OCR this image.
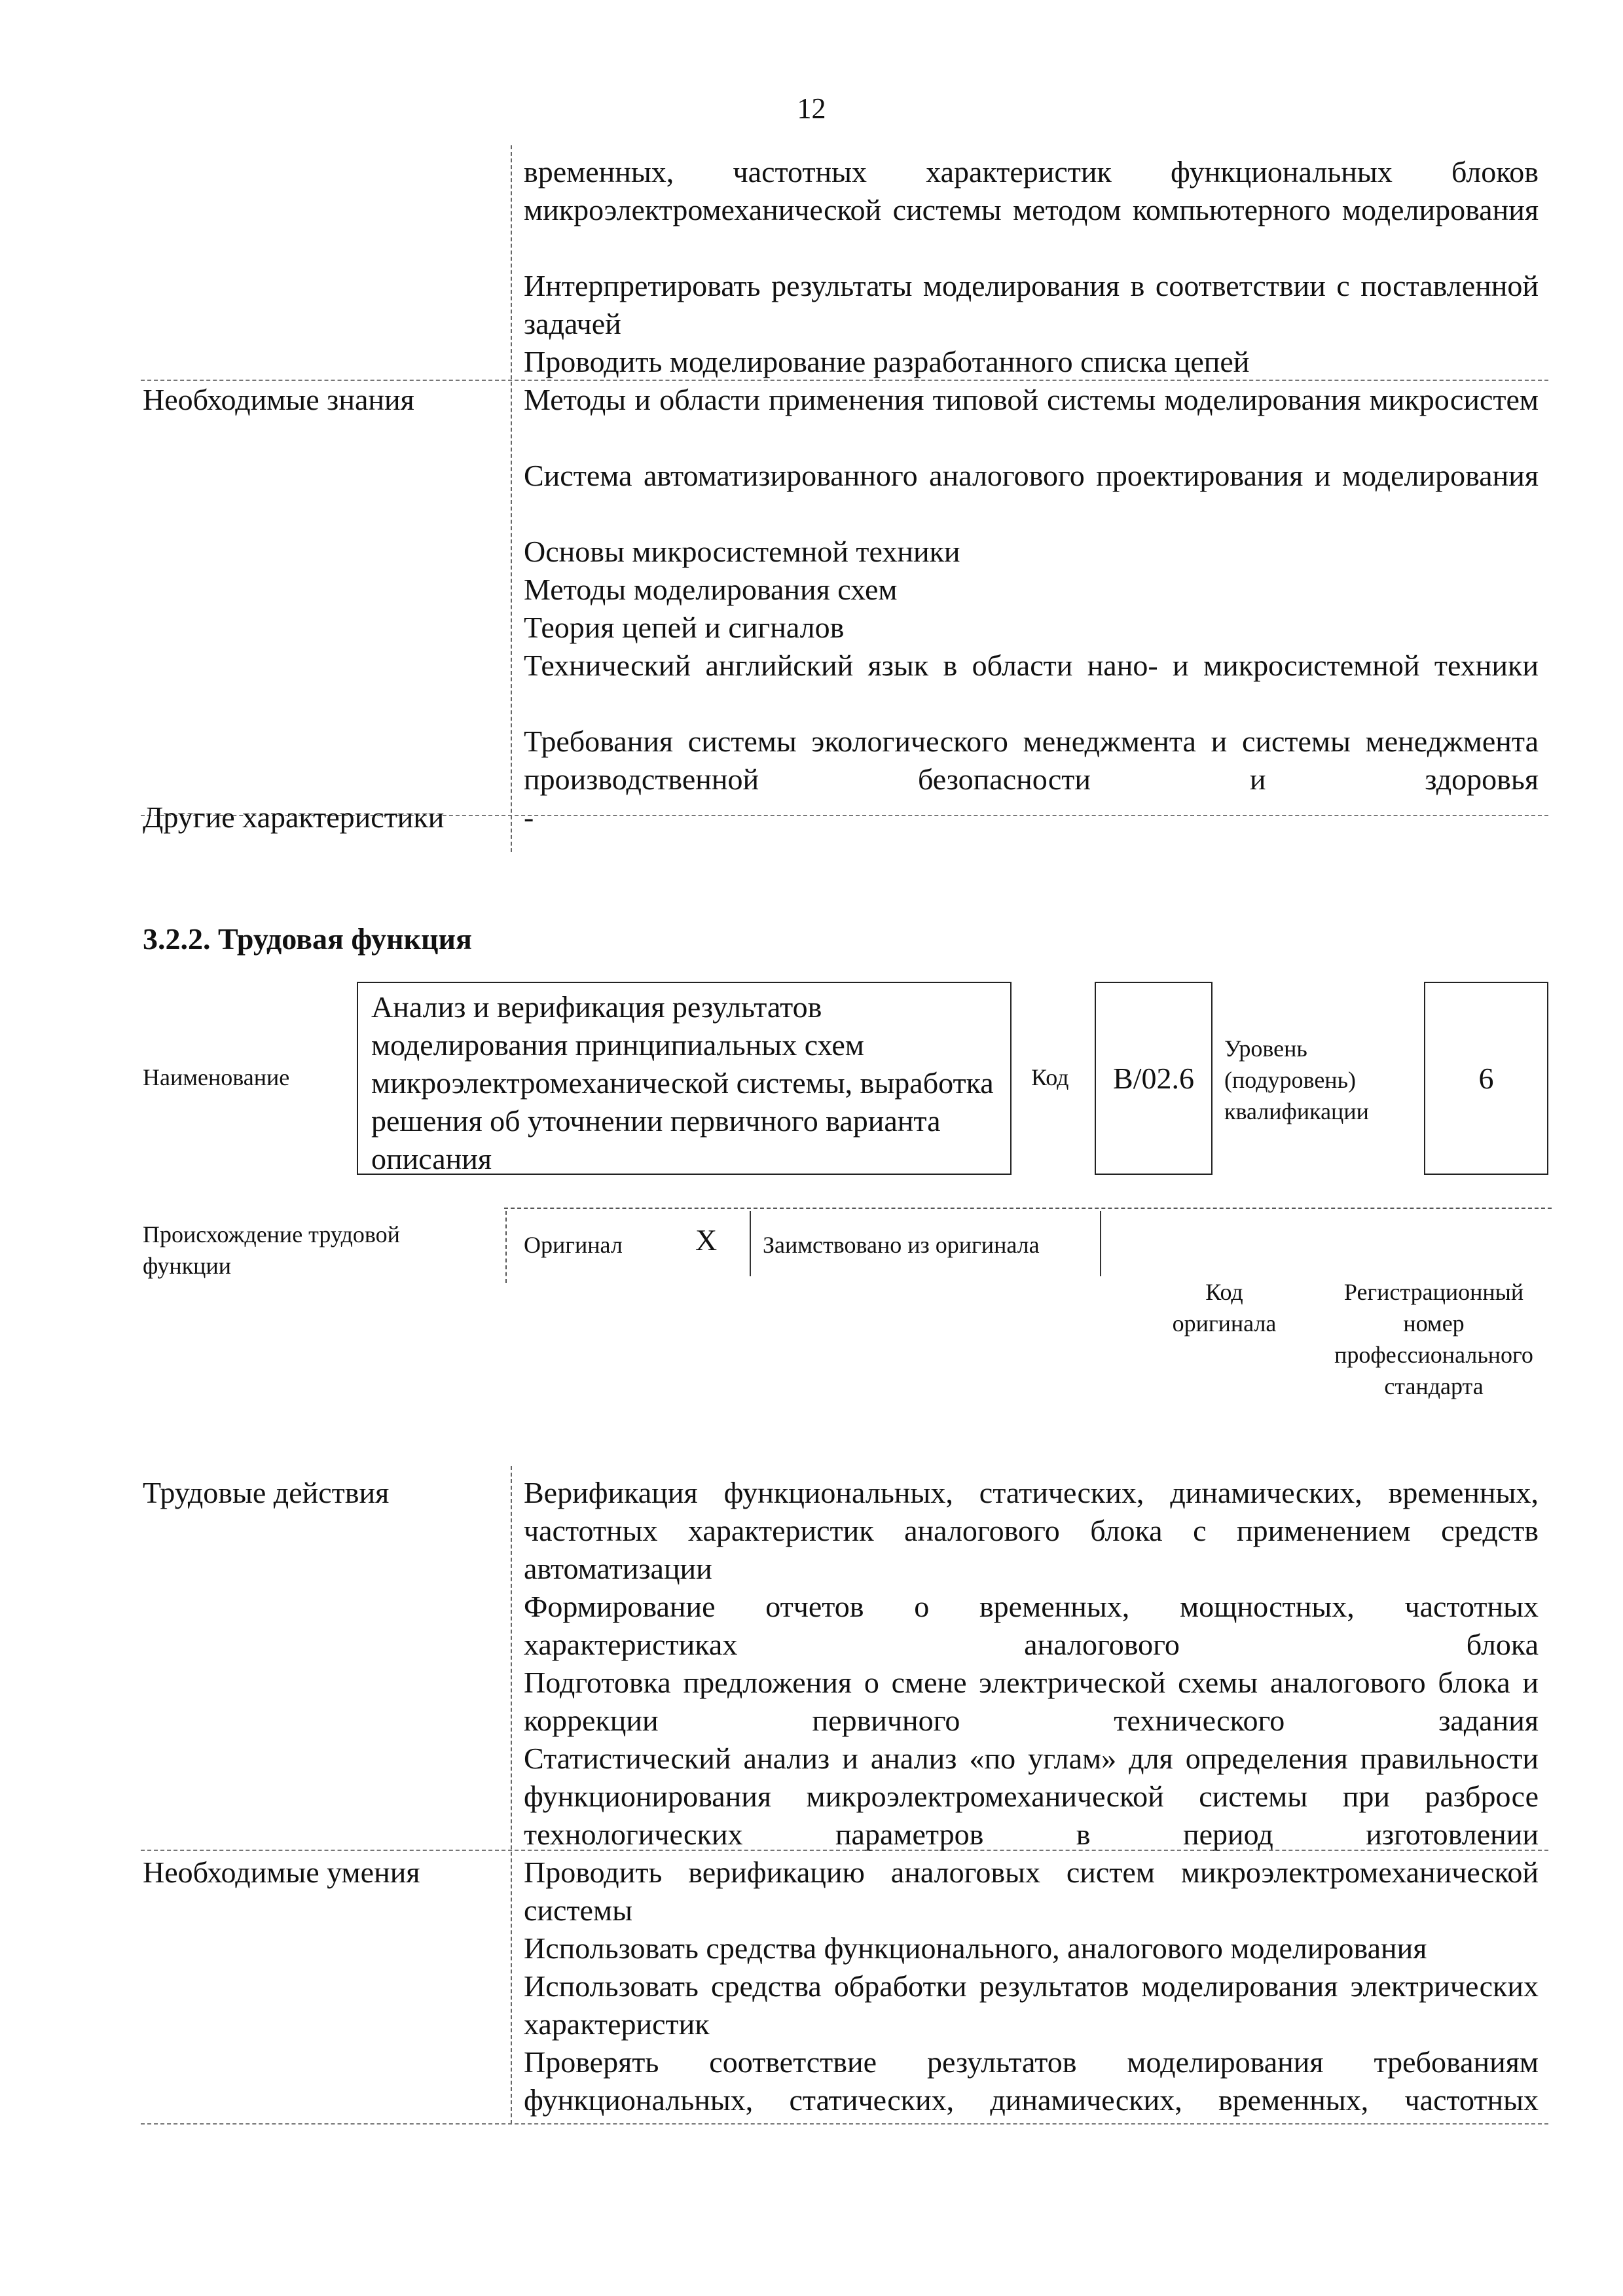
12
временных, частотных характеристик функциональных блоков микроэлектромеханической системы методом компьютерного моделирования
Интерпретировать результаты моделирования в соответствии с поставленной задачей
Проводить моделирование разработанного списка цепей
Необходимые знания	Методы и области применения типовой системы моделирования микросистем
Система автоматизированного аналогового проектирования и моделирования
Основы микросистемной техники
Методы моделирования схем
Теория цепей и сигналов
Технический английский язык в области нано- и микросистемной техники
Требования системы экологического менеджмента и системы менеджмента производственной безопасности и здоровья
Другие характеристики	-
3.2.2. Трудовая функция
Наименование
Анализ и верификация результатов моделирования принципиальных схем микроэлектромеханической системы, выработка решения об уточнении первичного варианта описания
Код B/02.6
Уровень (подуровень) квалификации
6
Происхождение трудовой функции
Оригинал X Заимствовано из оригинала
Код оригинала
Регистрационный номер профессионального стандарта
Трудовые действия	Верификация функциональных, статических, динамических, временных, частотных характеристик аналогового блока с применением средств автоматизации
Формирование отчетов о временных, мощностных, частотных характеристиках аналогового блока
Подготовка предложения о смене электрической схемы аналогового блока и коррекции первичного технического задания
Статистический анализ и анализ «по углам» для определения правильности функционирования микроэлектромеханической системы при разбросе технологических параметров в период изготовлении
Необходимые умения	Проводить верификацию аналоговых систем микроэлектромеханической системы
Использовать средства функционального, аналогового моделирования
Использовать средства обработки результатов моделирования электрических характеристик
Проверять соответствие результатов моделирования требованиям функциональных, статических, динамических, временных, частотных
